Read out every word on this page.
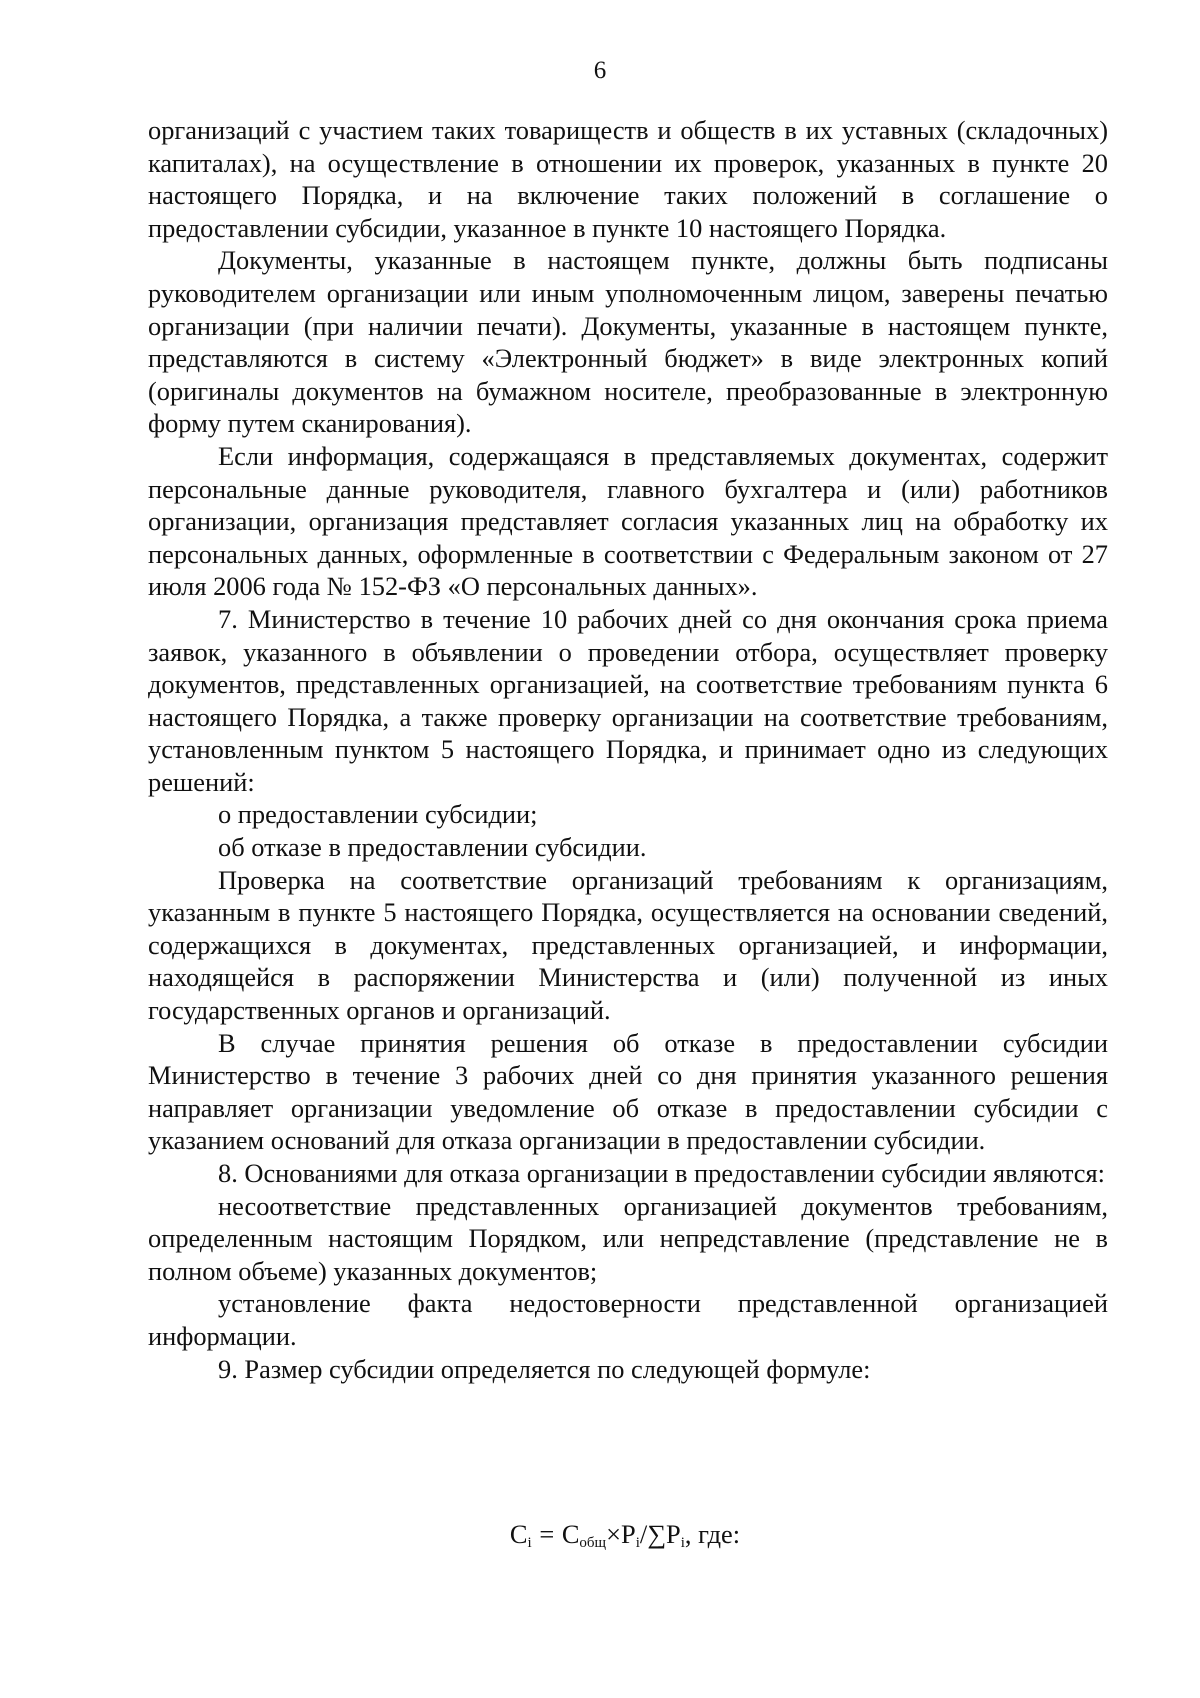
6

организаций с участием таких товариществ и обществ в их уставных (складочных) капиталах), на осуществление в отношении их проверок, указанных в пункте 20 настоящего Порядка, и на включение таких положений в соглашение о предоставлении субсидии, указанное в пункте 10 настоящего Порядка.

Документы, указанные в настоящем пункте, должны быть подписаны руководителем организации или иным уполномоченным лицом, заверены печатью организации (при наличии печати). Документы, указанные в настоящем пункте, представляются в систему «Электронный бюджет» в виде электронных копий (оригиналы документов на бумажном носителе, преобразованные в электронную форму путем сканирования).

Если информация, содержащаяся в представляемых документах, содержит персональные данные руководителя, главного бухгалтера и (или) работников организации, организация представляет согласия указанных лиц на обработку их персональных данных, оформленные в соответствии с Федеральным законом от 27 июля 2006 года № 152-ФЗ «О персональных данных».

7. Министерство в течение 10 рабочих дней со дня окончания срока приема заявок, указанного в объявлении о проведении отбора, осуществляет проверку документов, представленных организацией, на соответствие требованиям пункта 6 настоящего Порядка, а также проверку организации на соответствие требованиям, установленным пунктом 5 настоящего Порядка, и принимает одно из следующих решений:

о предоставлении субсидии;

об отказе в предоставлении субсидии.

Проверка на соответствие организаций требованиям к организациям, указанным в пункте 5 настоящего Порядка, осуществляется на основании сведений, содержащихся в документах, представленных организацией, и информации, находящейся в распоряжении Министерства и (или) полученной из иных государственных органов и организаций.

В случае принятия решения об отказе в предоставлении субсидии Министерство в течение 3 рабочих дней со дня принятия указанного решения направляет организации уведомление об отказе в предоставлении субсидии с указанием оснований для отказа организации в предоставлении субсидии.

8. Основаниями для отказа организации в предоставлении субсидии являются:

несоответствие представленных организацией документов требованиям, определенным настоящим Порядком, или непредставление (представление не в полном объеме) указанных документов;

установление факта недостоверности представленной организацией информации.

9. Размер субсидии определяется по следующей формуле:

$C_i = C_{общ}\times P_i/\sum P_i$, где:
